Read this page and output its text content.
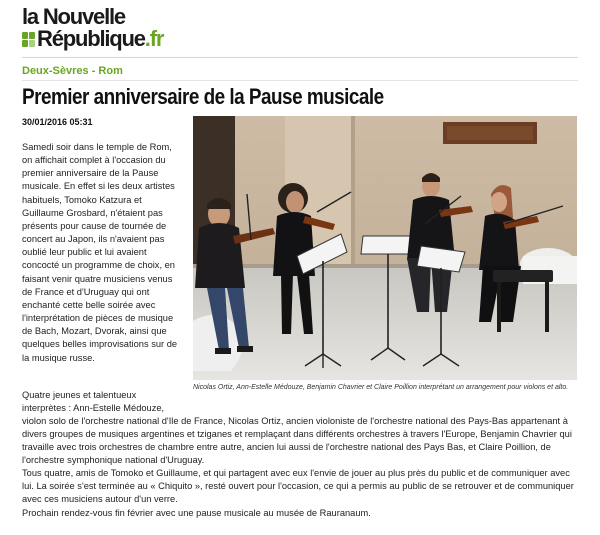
la Nouvelle
République.fr
Deux-Sèvres - Rom
Premier anniversaire de la Pause musicale
30/01/2016 05:31
Nicolas Ortiz, Ann-Estelle Médouze, Benjamin Chavrier et Claire Poillion interprétant un arrangement pour violons et alto.

Samedi soir dans le temple de Rom, on affichait complet à l'occasion du premier anniversaire de la Pause musicale. En effet si les deux artistes habituels, Tomoko Katzura et Guillaume Grosbard, n'étaient pas présents pour cause de tournée de concert au Japon, ils n'avaient pas oublié leur public et lui avaient concocté un programme de choix, en faisant venir quatre musiciens venus de France et d'Uruguay qui ont enchanté cette belle soirée avec l'interprétation de pièces de musique de Bach, Mozart, Dvorak, ainsi que quelques belles improvisations sur de la musique russe.

Quatre jeunes et talentueux

interprètes : Ann-Estelle Médouze,

violon solo de l'orchestre national d'Ile de France, Nicolas Ortiz, ancien violoniste de l'orchestre national des Pays-Bas appartenant à divers groupes de musiques argentines et tziganes et remplaçant dans différents orchestres à travers l'Europe, Benjamin Chavrier qui travaille avec trois orchestres de chambre entre autre, ancien lui aussi de l'orchestre national des Pays Bas, et Claire Poillion, de l'orchestre symphonique national d'Uruguay.

Tous quatre, amis de Tomoko et Guillaume, et qui partagent avec eux l'envie de jouer au plus près du public et de communiquer avec lui. La soirée s'est terminée au « Chiquito », resté ouvert pour l'occasion, ce qui a permis au public de se retrouver et de communiquer avec ces musiciens autour d'un verre.

Prochain rendez-vous fin février avec une pause musicale au musée de Rauranaum.
